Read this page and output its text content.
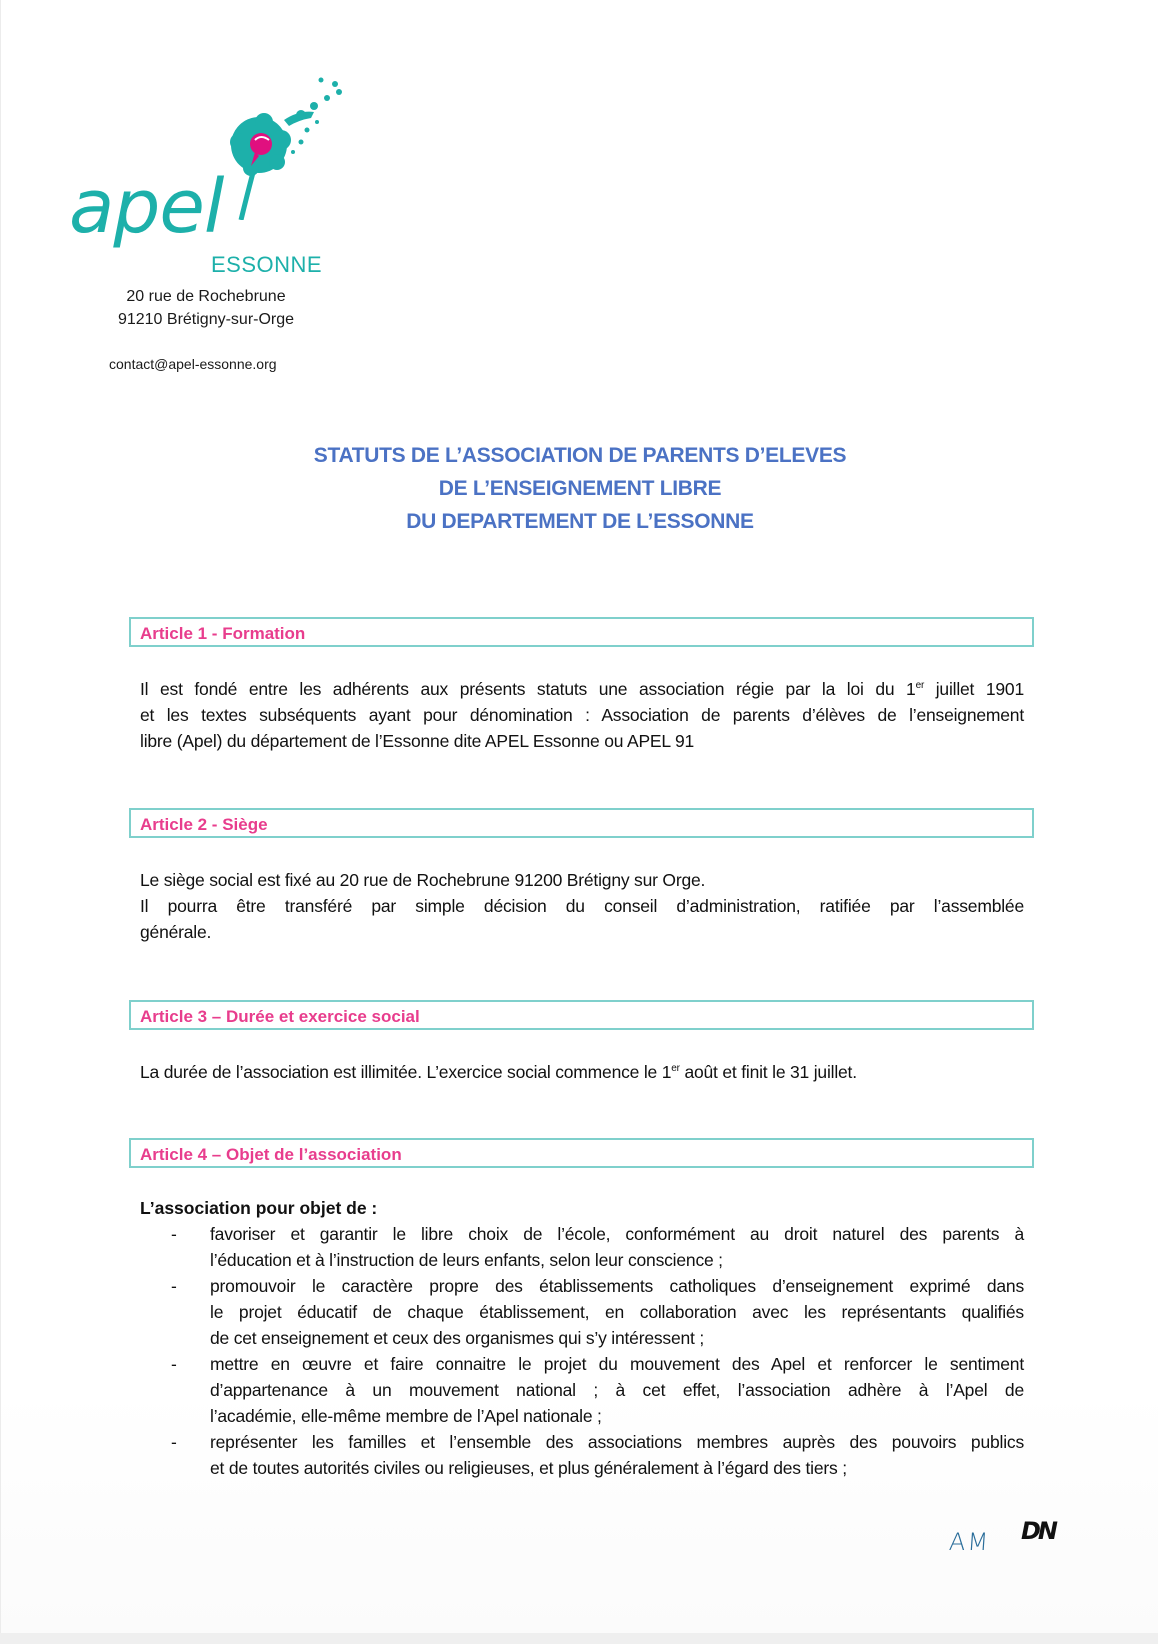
apel
ESSONNE
20 rue de Rochebrune
91210 Brétigny-sur-Orge
contact@apel-essonne.org
STATUTS DE L’ASSOCIATION DE PARENTS D’ELEVES
DE L’ENSEIGNEMENT LIBRE
DU DEPARTEMENT DE L’ESSONNE
Article 1 - Formation
Il est fondé entre les adhérents aux présents statuts une association régie par la loi du 1er juillet 1901
et les textes subséquents ayant pour dénomination : Association de parents d’élèves de l’enseignement
libre (Apel) du département de l’Essonne dite APEL Essonne ou APEL 91
Article 2 - Siège
Le siège social est fixé au 20 rue de Rochebrune 91200 Brétigny sur Orge.
Il pourra être transféré par simple décision du conseil d’administration, ratifiée par l’assemblée
générale.
Article 3 – Durée et exercice social
La durée de l’association est illimitée. L’exercice social commence le 1er août et finit le 31 juillet.
Article 4 – Objet de l’association
L’association pour objet de :
- favoriser et garantir le libre choix de l’école, conformément au droit naturel des parents à
l’éducation et à l’instruction de leurs enfants, selon leur conscience ;
- promouvoir le caractère propre des établissements catholiques d’enseignement exprimé dans
le projet éducatif de chaque établissement, en collaboration avec les représentants qualifiés
de cet enseignement et ceux des organismes qui s’y intéressent ;
- mettre en œuvre et faire connaitre le projet du mouvement des Apel et renforcer le sentiment
d’appartenance à un mouvement national ; à cet effet, l’association adhère à l’Apel de
l’académie, elle-même membre de l’Apel nationale ;
- représenter les familles et l’ensemble des associations membres auprès des pouvoirs publics
et de toutes autorités civiles ou religieuses, et plus généralement à l’égard des tiers ;
AM DN
